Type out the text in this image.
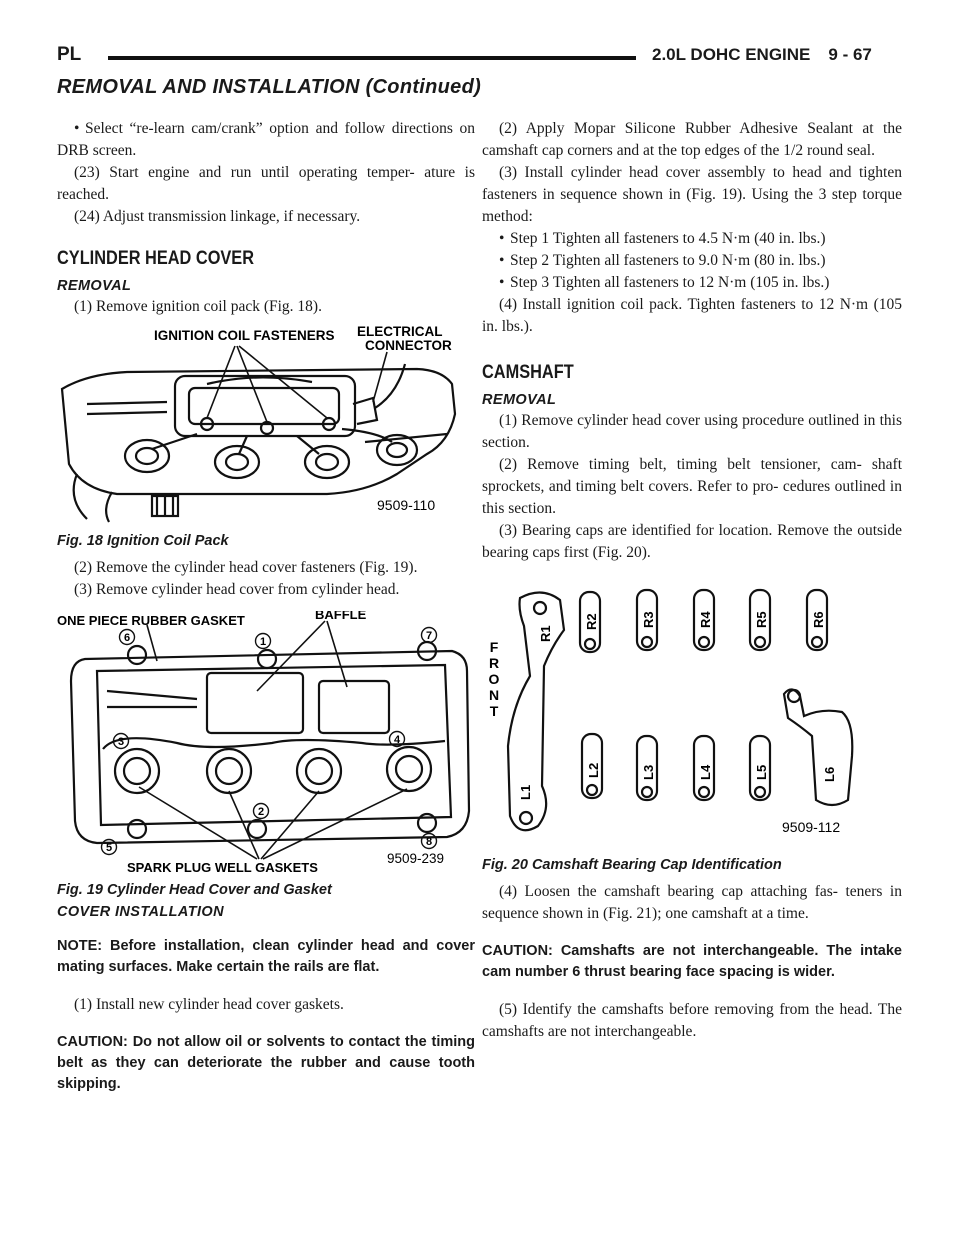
PL	2.0L DOHC ENGINE 9 - 67
REMOVAL AND INSTALLATION (Continued)

• Select “re-learn cam/crank” option and follow directions on DRB screen.

(23) Start engine and run until operating temper- ature is reached.

(24) Adjust transmission linkage, if necessary.

CYLINDER HEAD COVER
REMOVAL

(1) Remove ignition coil pack (Fig. 18).

IGNITION COIL FASTENERS ELECTRICAL
CONNECTOR
9509-110
Fig. 18 Ignition Coil Pack

(2) Remove the cylinder head cover fasteners (Fig. 19).

(3) Remove cylinder head cover from cylinder head.

6	1	7
3	4
2
5	8
ONE PIECE RUBBER GASKET	BAFFLE
SPARK PLUG WELL GASKETS
9509-239
Fig. 19 Cylinder Head Cover and Gasket
COVER INSTALLATION
NOTE: Before installation, clean cylinder head and cover mating surfaces. Make certain the rails are flat.

(1) Install new cylinder head cover gaskets.

CAUTION: Do not allow oil or solvents to contact the timing belt as they can deteriorate the rubber and cause tooth skipping.

(2) Apply Mopar Silicone Rubber Adhesive Sealant at the camshaft cap corners and at the top edges of the 1/2 round seal.

(3) Install cylinder head cover assembly to head and tighten fasteners in sequence shown in (Fig. 19). Using the 3 step torque method:

• Step 1 Tighten all fasteners to 4.5 N·m (40 in. lbs.)

• Step 2 Tighten all fasteners to 9.0 N·m (80 in. lbs.)

• Step 3 Tighten all fasteners to 12 N·m (105 in. lbs.)

(4) Install ignition coil pack. Tighten fasteners to 12 N·m (105 in. lbs.).

CAMSHAFT
REMOVAL

(1) Remove cylinder head cover using procedure outlined in this section.

(2) Remove timing belt, timing belt tensioner, cam- shaft sprockets, and timing belt covers. Refer to pro- cedures outlined in this section.

(3) Bearing caps are identified for location. Remove the outside bearing caps first (Fig. 20).

F
R
O
N
T
R1
R2	R3	R4	R5	R6
L1
L2	L3	L4	L5	L6
9509-112
Fig. 20 Camshaft Bearing Cap Identification

(4) Loosen the camshaft bearing cap attaching fas- teners in sequence shown in (Fig. 21); one camshaft at a time.

CAUTION: Camshafts are not interchangeable. The intake cam number 6 thrust bearing face spacing is wider.

(5) Identify the camshafts before removing from the head. The camshafts are not interchangeable.
